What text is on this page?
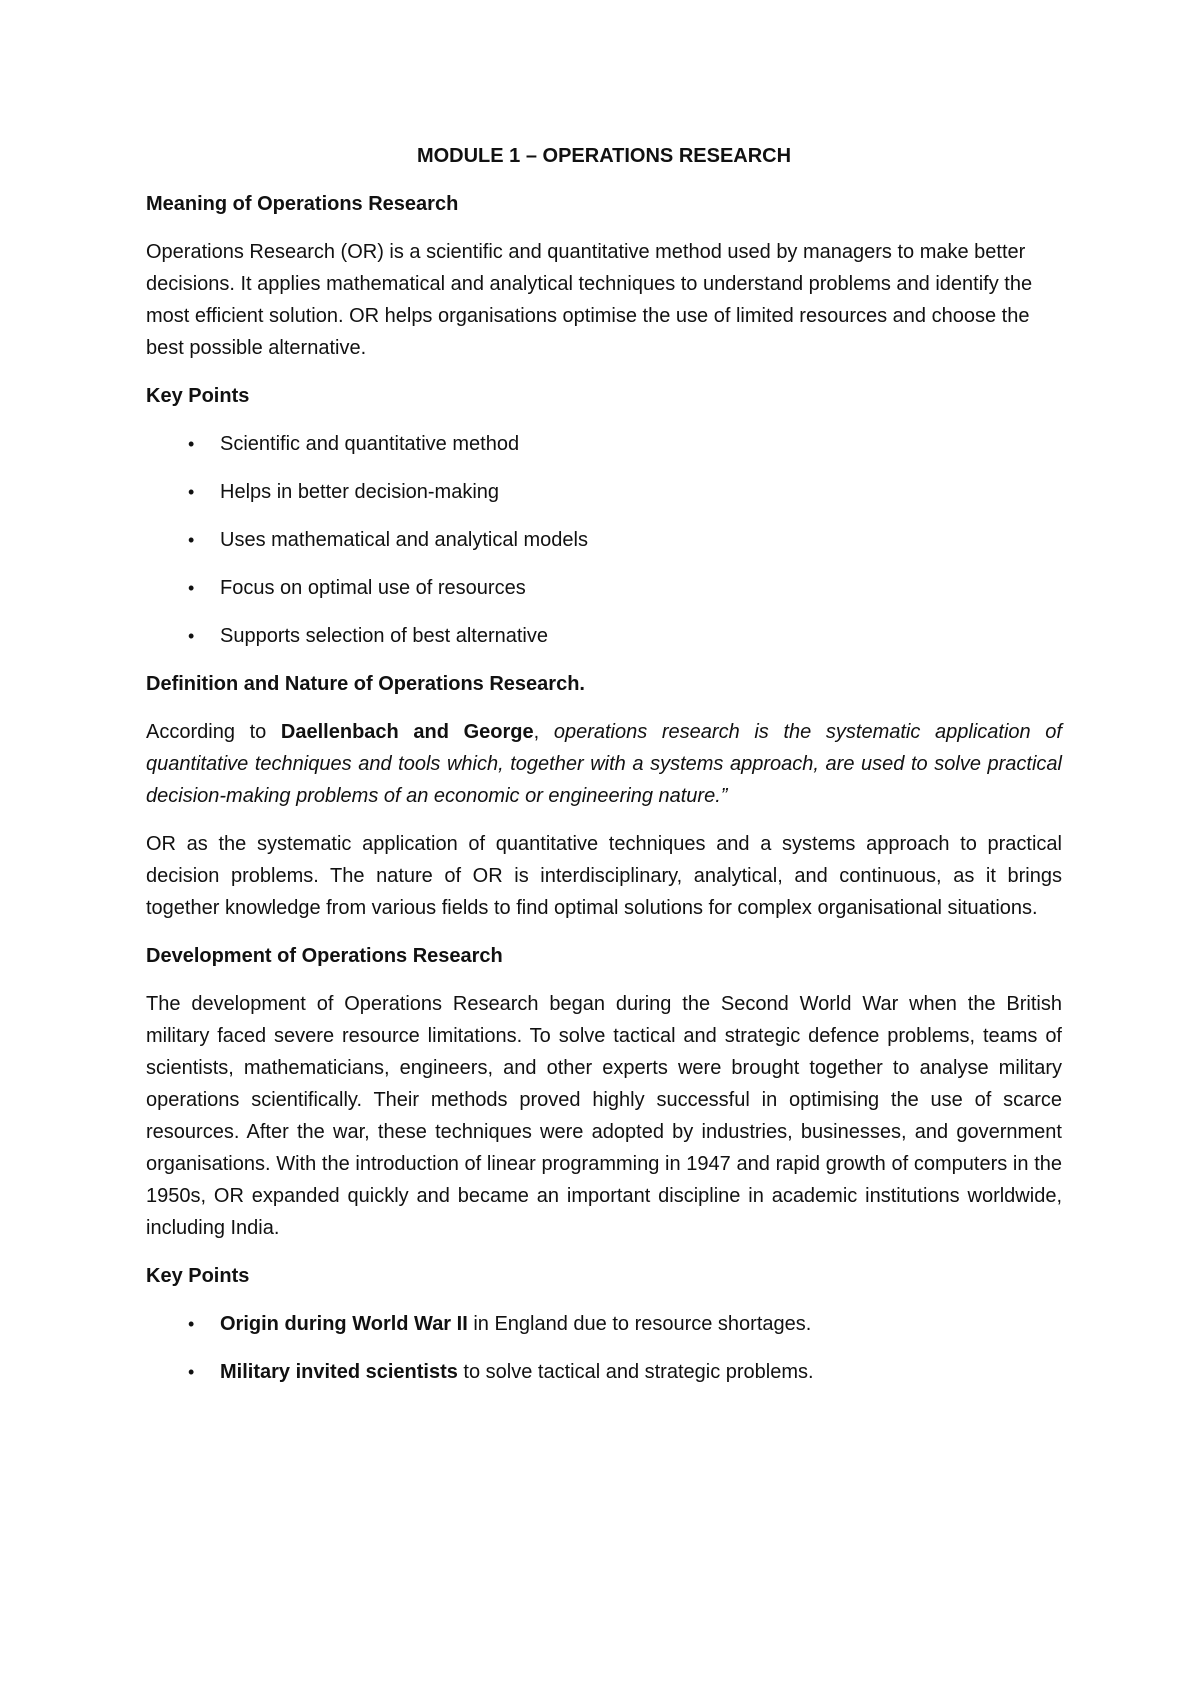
MODULE 1 – OPERATIONS RESEARCH
Meaning of Operations Research
Operations Research (OR) is a scientific and quantitative method used by managers to make better decisions. It applies mathematical and analytical techniques to understand problems and identify the most efficient solution. OR helps organisations optimise the use of limited resources and choose the best possible alternative.
Key Points
• Scientific and quantitative method
• Helps in better decision-making
• Uses mathematical and analytical models
• Focus on optimal use of resources
• Supports selection of best alternative
Definition and Nature of Operations Research.
According to Daellenbach and George, operations research is the systematic application of quantitative techniques and tools which, together with a systems approach, are used to solve practical decision-making problems of an economic or engineering nature.”
OR as the systematic application of quantitative techniques and a systems approach to practical decision problems. The nature of OR is interdisciplinary, analytical, and continuous, as it brings together knowledge from various fields to find optimal solutions for complex organisational situations.
Development of Operations Research
The development of Operations Research began during the Second World War when the British military faced severe resource limitations. To solve tactical and strategic defence problems, teams of scientists, mathematicians, engineers, and other experts were brought together to analyse military operations scientifically. Their methods proved highly successful in optimising the use of scarce resources. After the war, these techniques were adopted by industries, businesses, and government organisations. With the introduction of linear programming in 1947 and rapid growth of computers in the 1950s, OR expanded quickly and became an important discipline in academic institutions worldwide, including India.
Key Points
• Origin during World War II in England due to resource shortages.
• Military invited scientists to solve tactical and strategic problems.
